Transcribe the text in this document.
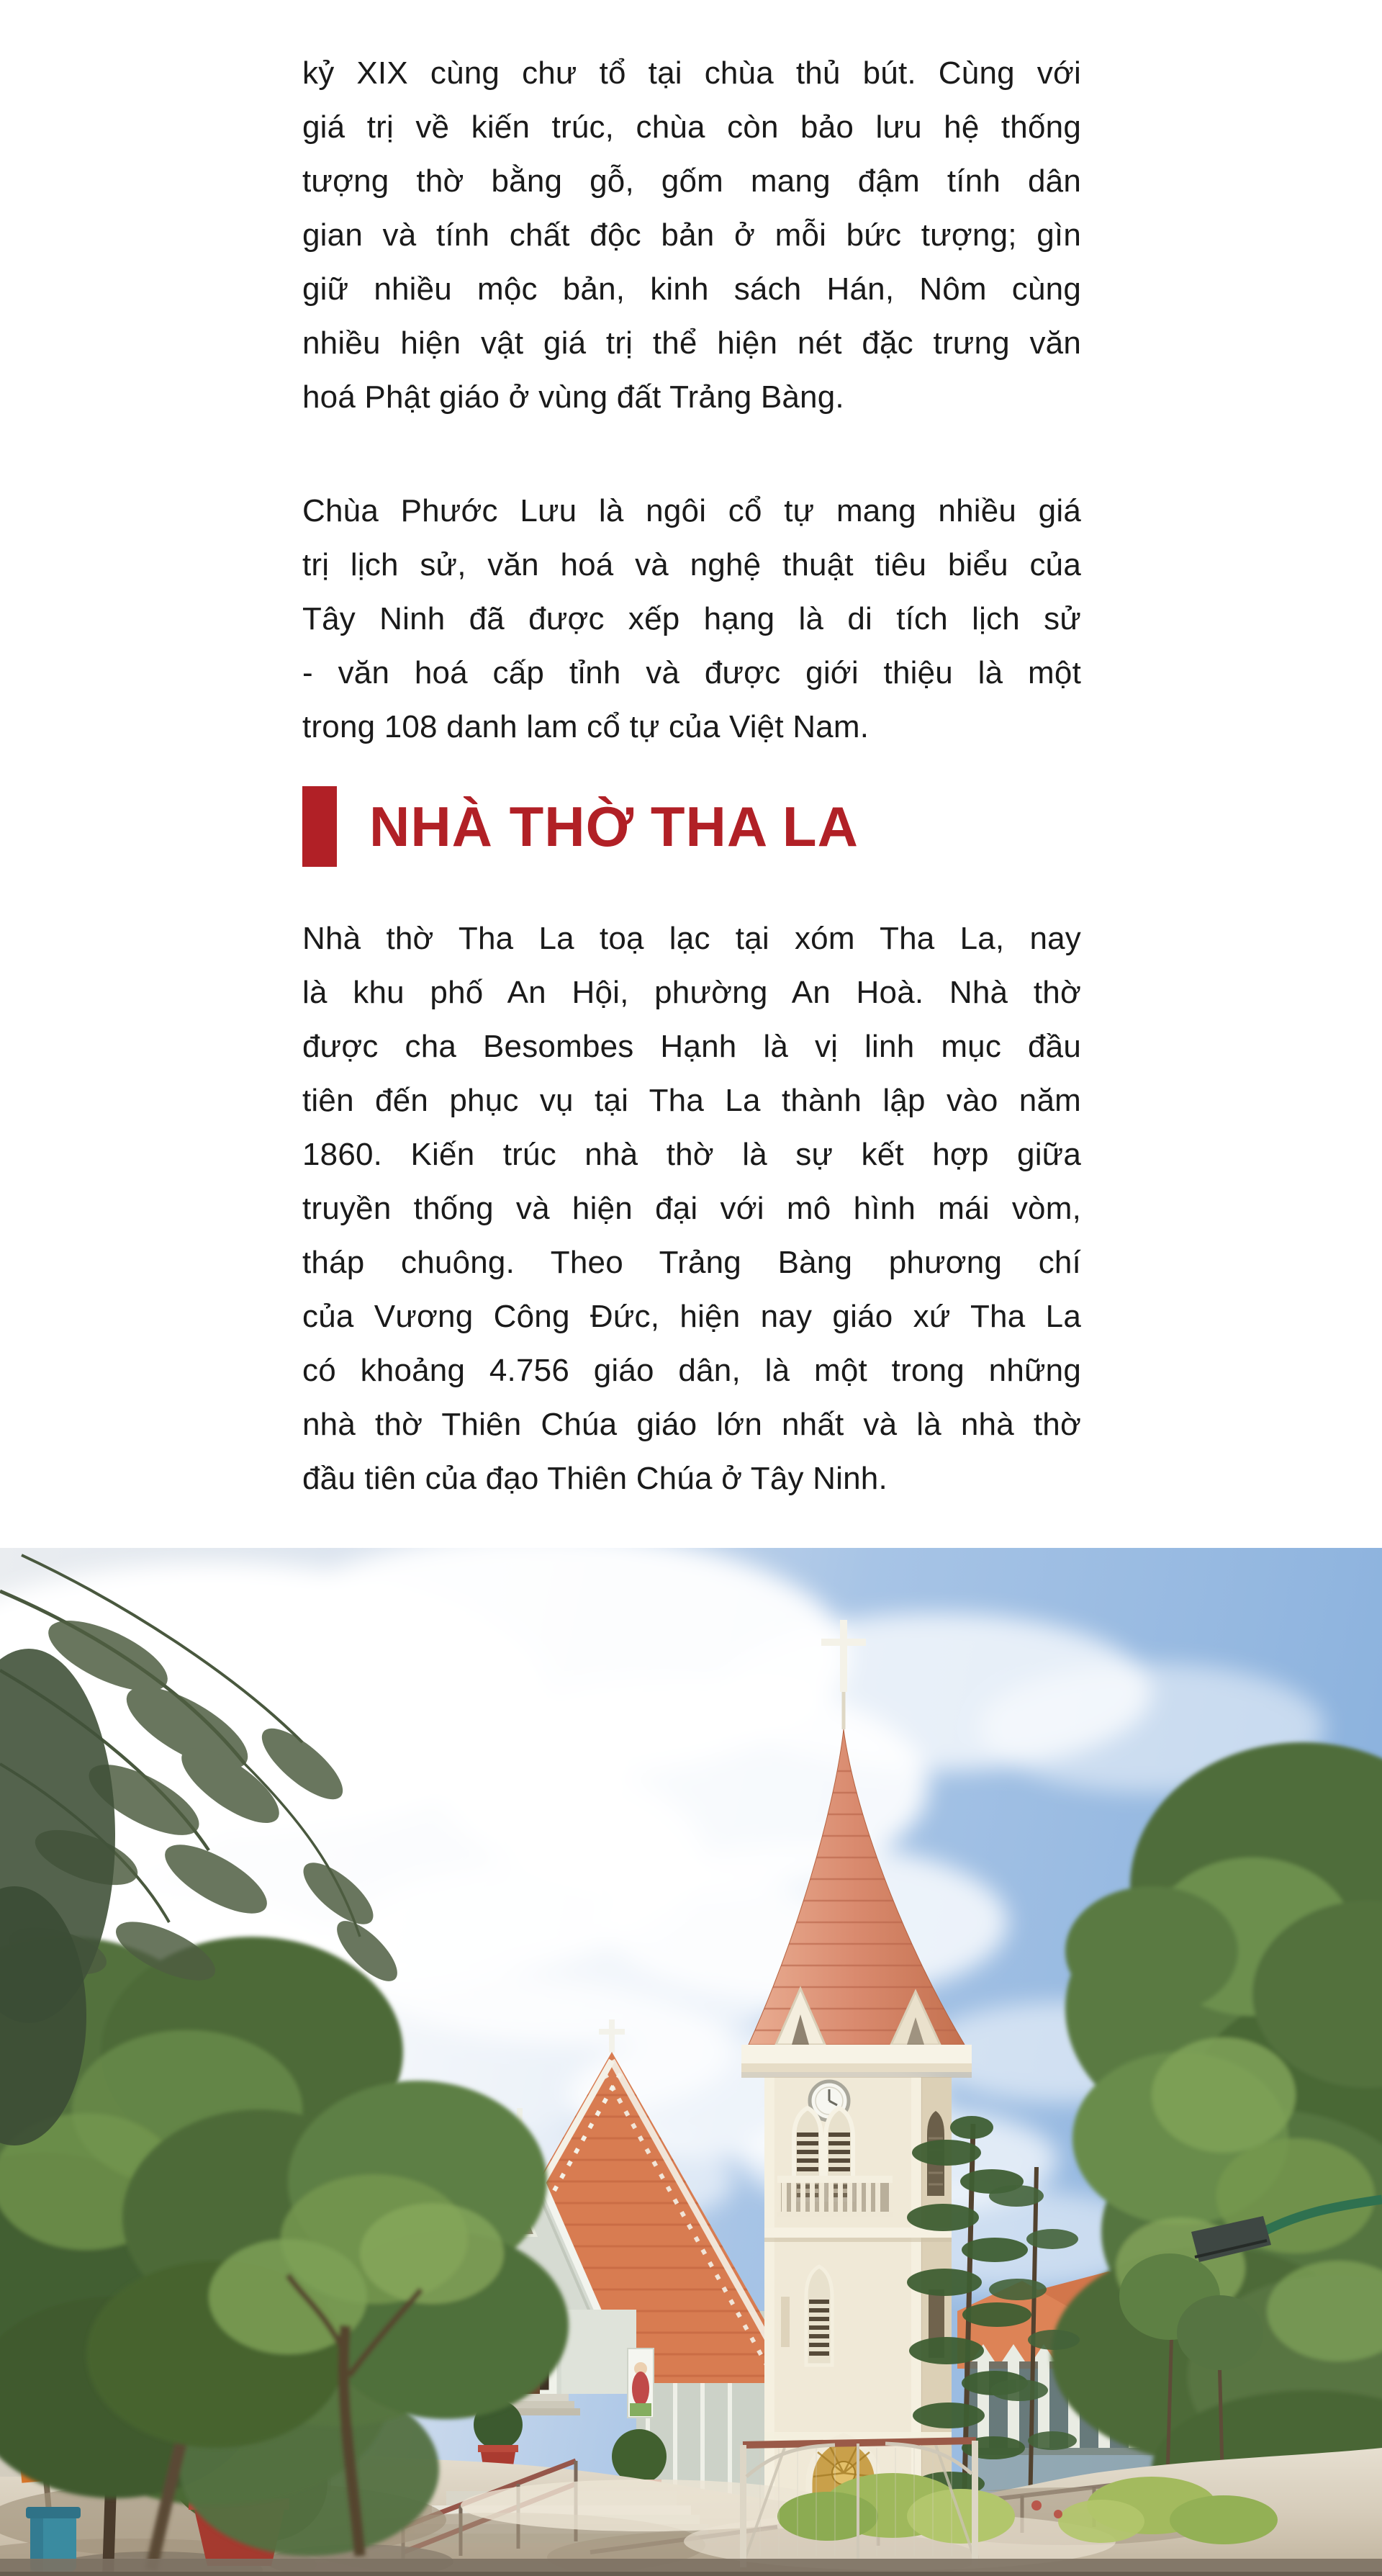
kỷ XIX cùng chư tổ tại chùa thủ bút. Cùng với
giá trị về kiến trúc, chùa còn bảo lưu hệ thống
tượng thờ bằng gỗ, gốm mang đậm tính dân
gian và tính chất độc bản ở mỗi bức tượng; gìn
giữ nhiều mộc bản, kinh sách Hán, Nôm cùng
nhiều hiện vật giá trị thể hiện nét đặc trưng văn
hoá Phật giáo ở vùng đất Trảng Bàng.
Chùa Phước Lưu là ngôi cổ tự mang nhiều giá
trị lịch sử, văn hoá và nghệ thuật tiêu biểu của
Tây Ninh đã được xếp hạng là di tích lịch sử
- văn hoá cấp tỉnh và được giới thiệu là một
trong 108 danh lam cổ tự của Việt Nam.
NHÀ THỜ THA LA
Nhà thờ Tha La toạ lạc tại xóm Tha La, nay
là khu phố An Hội, phường An Hoà. Nhà thờ
được cha Besombes Hạnh là vị linh mục đầu
tiên đến phục vụ tại Tha La thành lập vào năm
1860. Kiến trúc nhà thờ là sự kết hợp giữa
truyền thống và hiện đại với mô hình mái vòm,
tháp chuông. Theo Trảng Bàng phương chí
của Vương Công Đức, hiện nay giáo xứ Tha La
có khoảng 4.756 giáo dân, là một trong những
nhà thờ Thiên Chúa giáo lớn nhất và là nhà thờ
đầu tiên của đạo Thiên Chúa ở Tây Ninh.
